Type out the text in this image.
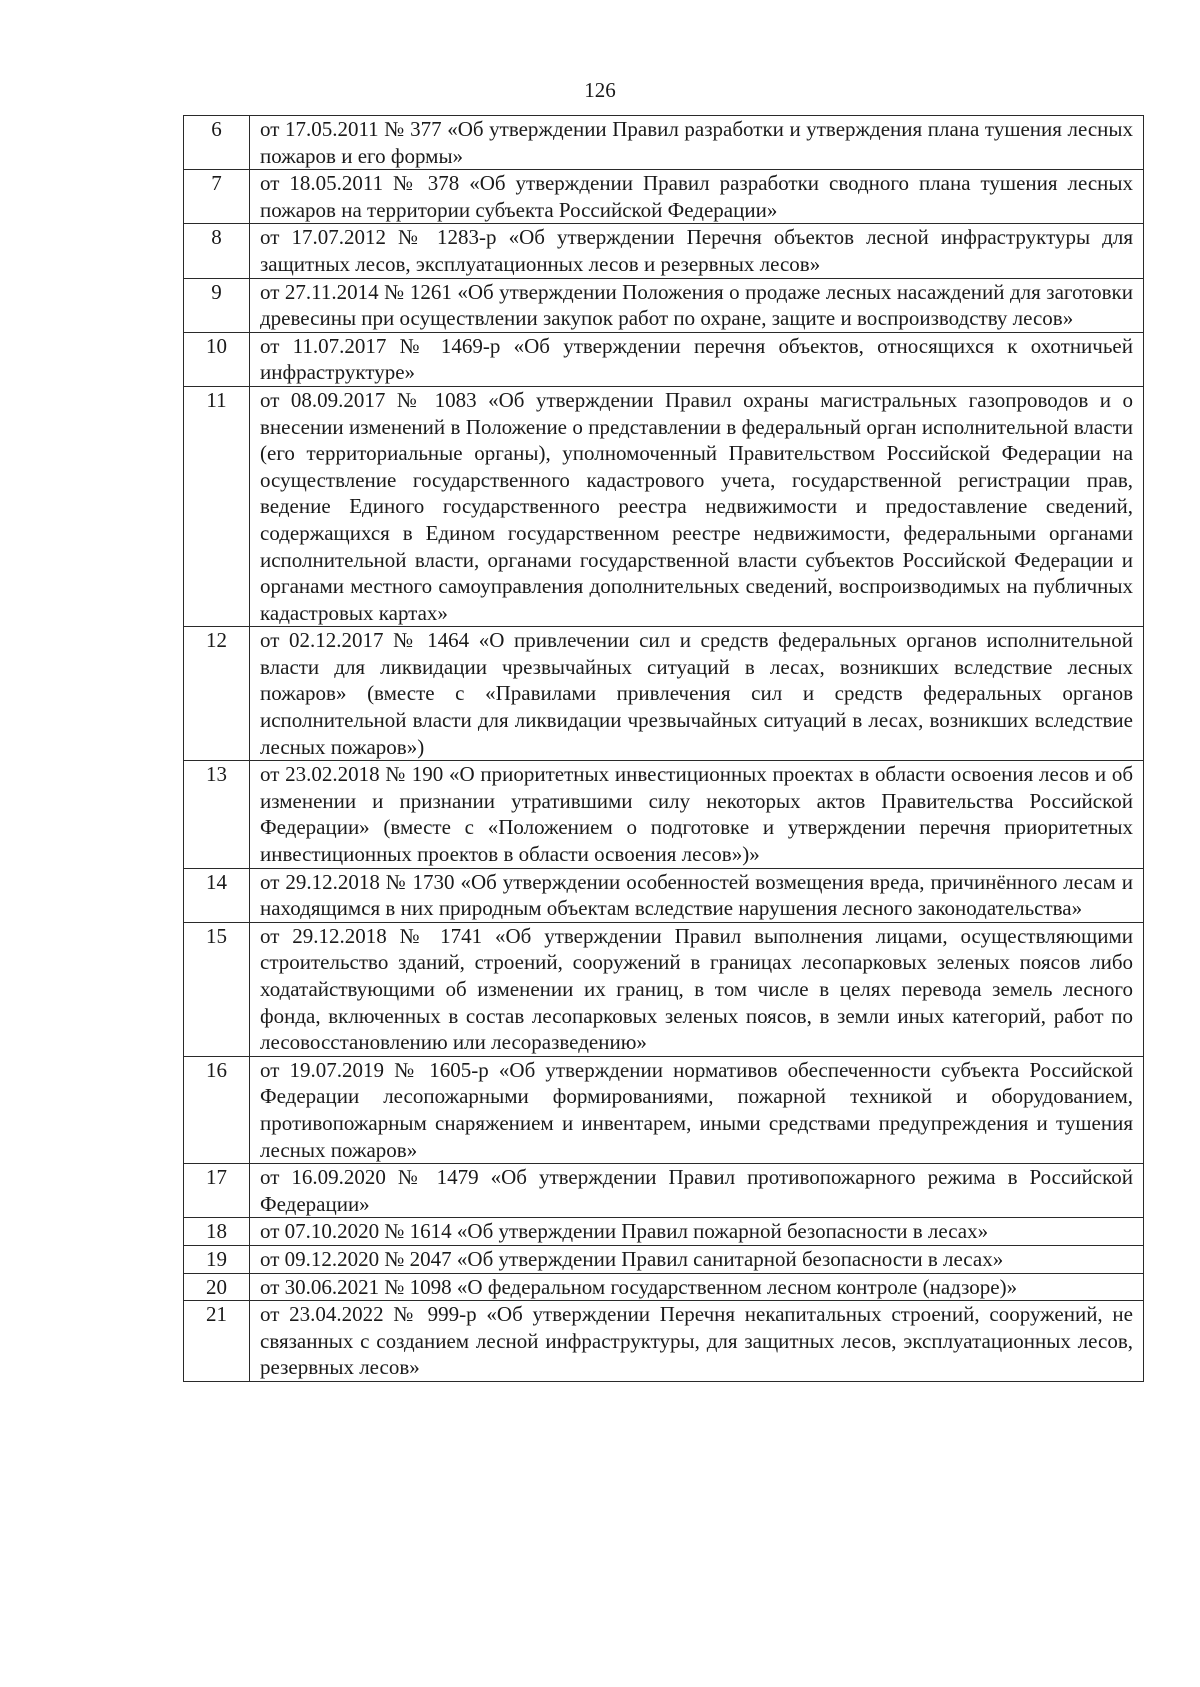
126
6	от 17.05.2011 № 377 «Об утверждении Правил разработки и утверждения плана тушения лесных пожаров и его формы»
7	от 18.05.2011 № 378 «Об утверждении Правил разработки сводного плана тушения лесных пожаров на территории субъекта Российской Федерации»
8	от 17.07.2012 № 1283-р «Об утверждении Перечня объектов лесной инфраструктуры для защитных лесов, эксплуатационных лесов и резервных лесов»
9	от 27.11.2014 № 1261 «Об утверждении Положения о продаже лесных насаждений для заготовки древесины при осуществлении закупок работ по охране, защите и воспроизводству лесов»
10	от 11.07.2017 № 1469-р «Об утверждении перечня объектов, относящихся к охотничьей инфраструктуре»
11	от 08.09.2017 № 1083 «Об утверждении Правил охраны магистральных газопроводов и о внесении изменений в Положение о представлении в федеральный орган исполнительной власти (его территориальные органы), уполномоченный Правительством Российской Федерации на осуществление государственного кадастрового учета, государственной регистрации прав, ведение Единого государственного реестра недвижимости и предоставление сведений, содержащихся в Едином государственном реестре недвижимости, федеральными органами исполнительной власти, органами государственной власти субъектов Российской Федерации и органами местного самоуправления дополнительных сведений, воспроизводимых на публичных кадастровых картах»
12	от 02.12.2017 № 1464 «О привлечении сил и средств федеральных органов исполнительной власти для ликвидации чрезвычайных ситуаций в лесах, возникших вследствие лесных пожаров» (вместе с «Правилами привлечения сил и средств федеральных органов исполнительной власти для ликвидации чрезвычайных ситуаций в лесах, возникших вследствие лесных пожаров»)
13	от 23.02.2018 № 190 «О приоритетных инвестиционных проектах в области освоения лесов и об изменении и признании утратившими силу некоторых актов Правительства Российской Федерации» (вместе с «Положением о подготовке и утверждении перечня приоритетных инвестиционных проектов в области освоения лесов»)»
14	от 29.12.2018 № 1730 «Об утверждении особенностей возмещения вреда, причинённого лесам и находящимся в них природным объектам вследствие нарушения лесного законодательства»
15	от 29.12.2018 № 1741 «Об утверждении Правил выполнения лицами, осуществляющими строительство зданий, строений, сооружений в границах лесопарковых зеленых поясов либо ходатайствующими об изменении их границ, в том числе в целях перевода земель лесного фонда, включенных в состав лесопарковых зеленых поясов, в земли иных категорий, работ по лесовосстановлению или лесоразведению»
16	от 19.07.2019 № 1605-р «Об утверждении нормативов обеспеченности субъекта Российской Федерации лесопожарными формированиями, пожарной техникой и оборудованием, противопожарным снаряжением и инвентарем, иными средствами предупреждения и тушения лесных пожаров»
17	от 16.09.2020 № 1479 «Об утверждении Правил противопожарного режима в Российской Федерации»
18	от 07.10.2020 № 1614 «Об утверждении Правил пожарной безопасности в лесах»
19	от 09.12.2020 № 2047 «Об утверждении Правил санитарной безопасности в лесах»
20	от 30.06.2021 № 1098 «О федеральном государственном лесном контроле (надзоре)»
21	от 23.04.2022 № 999-р «Об утверждении Перечня некапитальных строений, сооружений, не связанных с созданием лесной инфраструктуры, для защитных лесов, эксплуатационных лесов, резервных лесов»
